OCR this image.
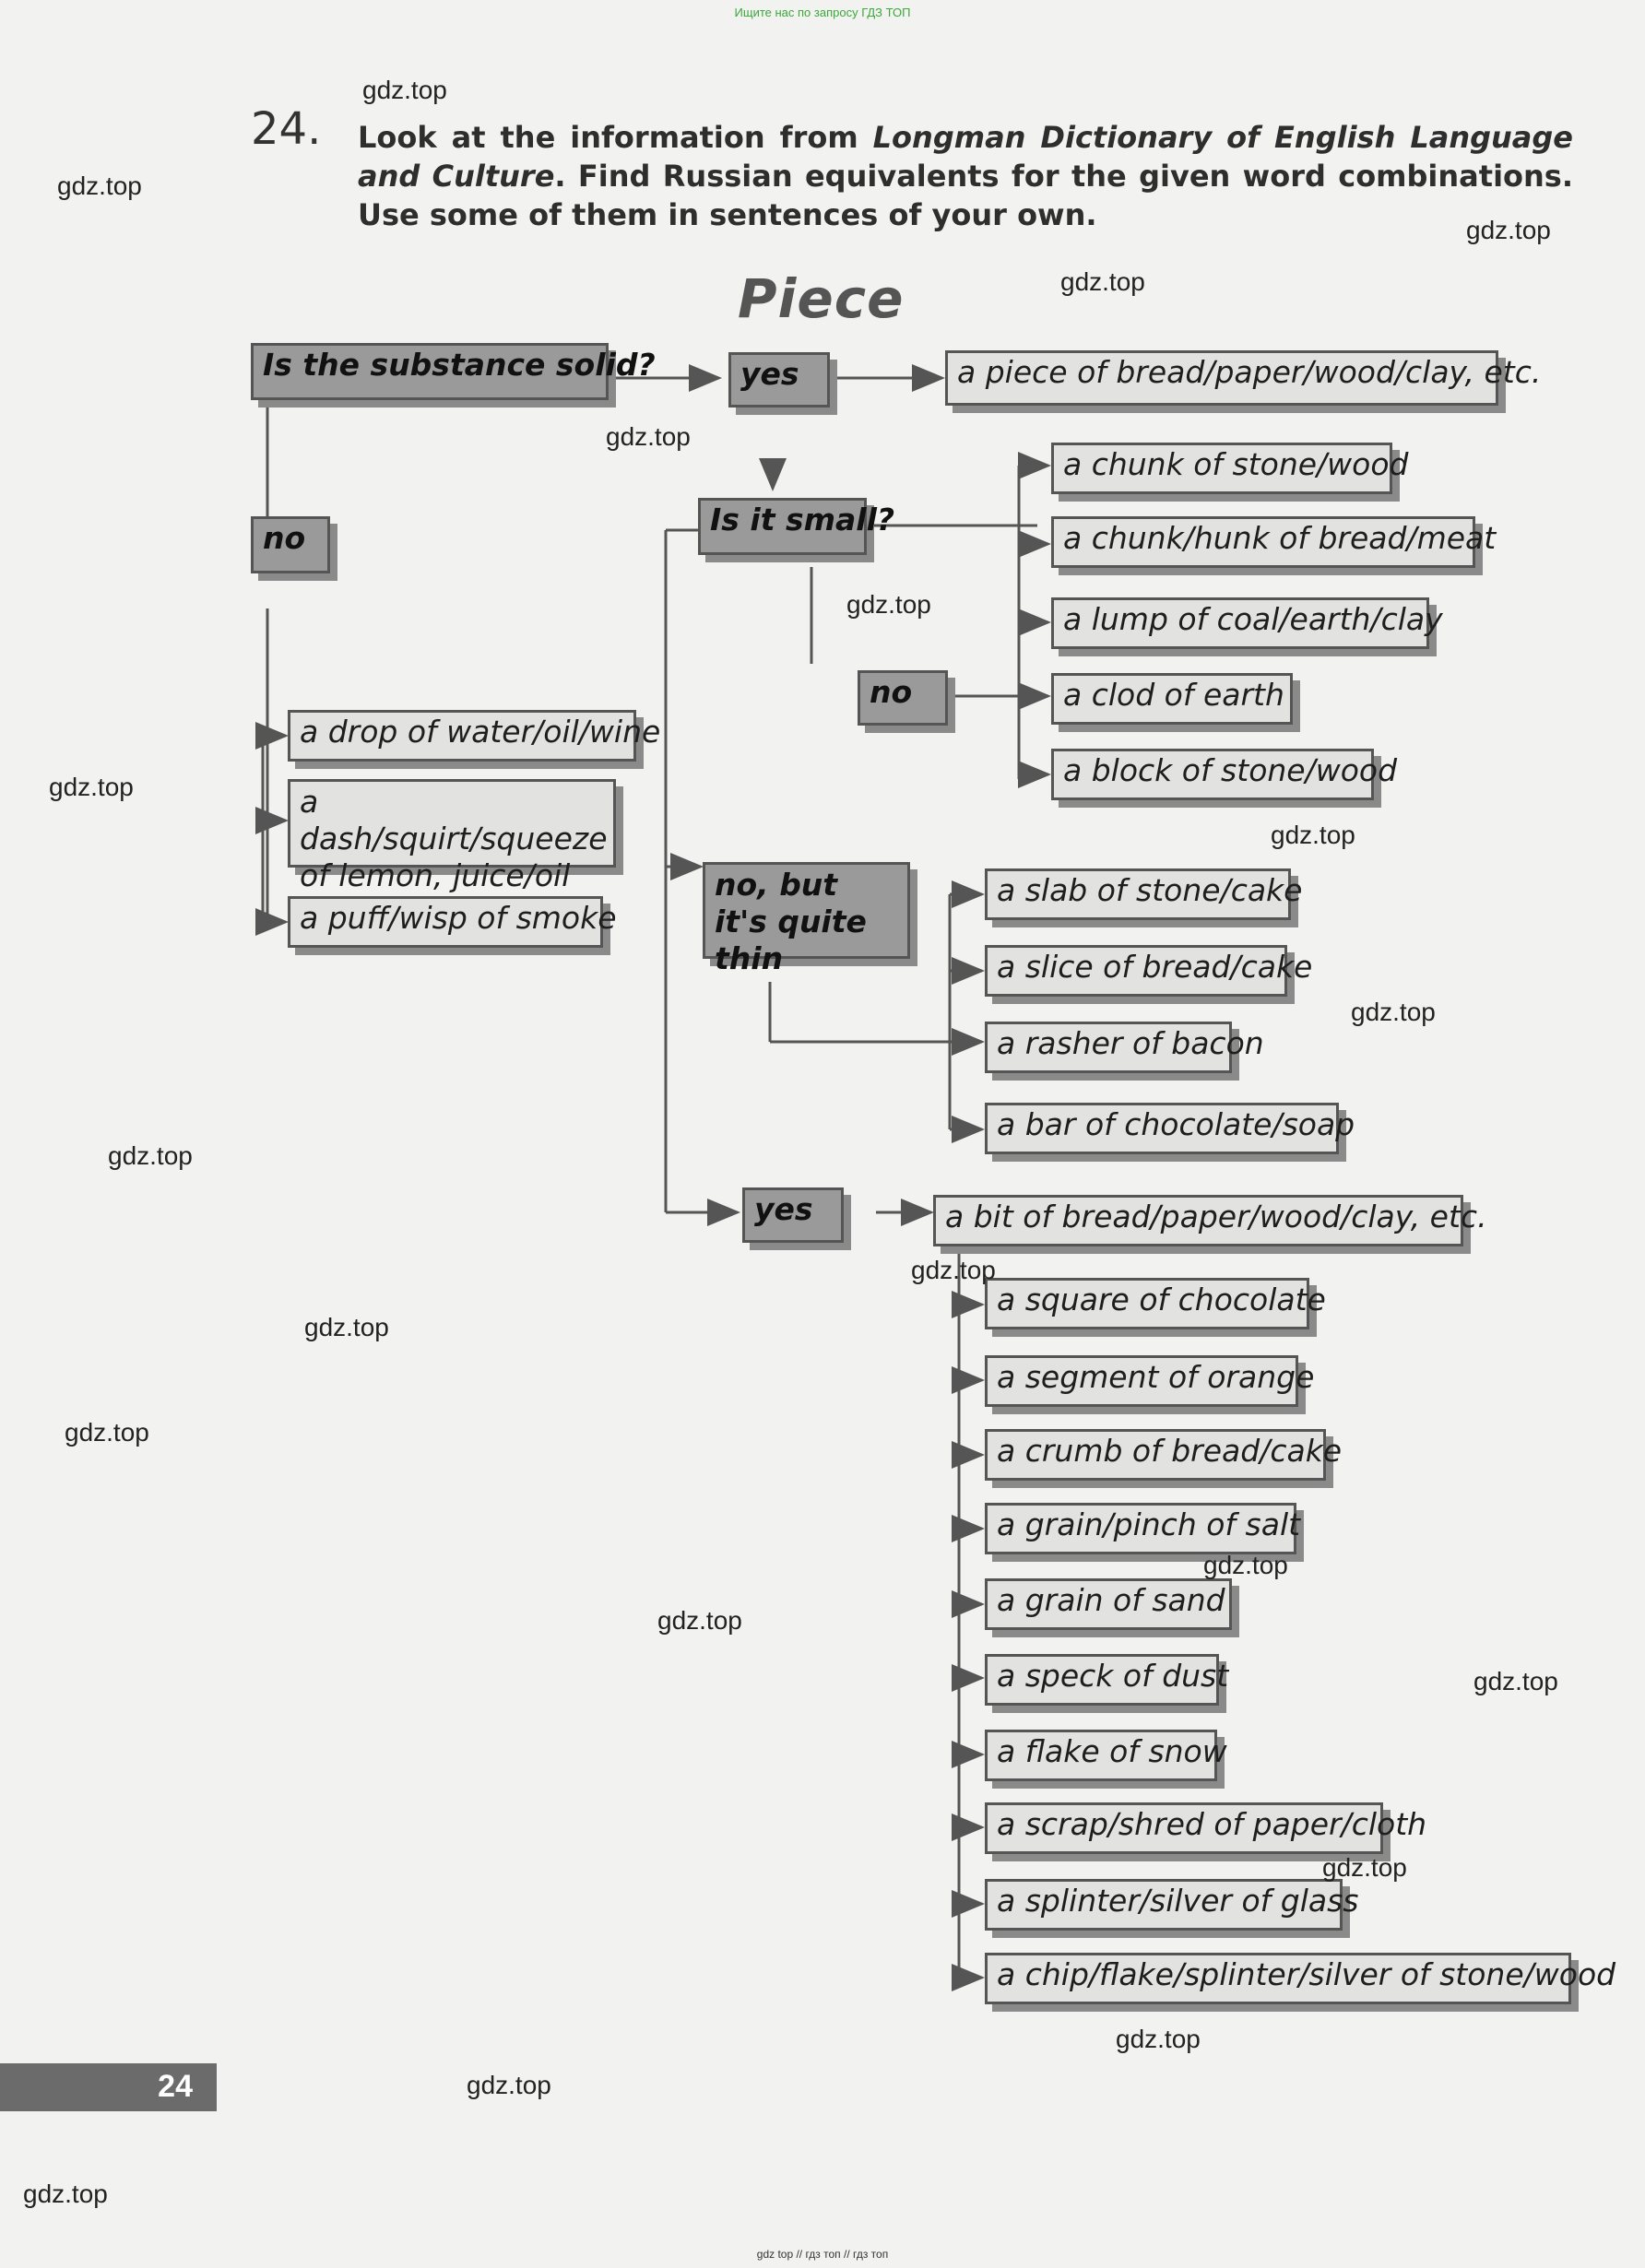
Ищите нас по запросу ГДЗ ТОП
24. Look at the information from Longman Dictionary of English Language and Culture. Find Russian equivalents for the given word combinations. Use some of them in sentences of your own.
Piece
Is the substance solid?	yes	a piece of bread/paper/wood/clay, etc.
no
a chunk of stone/wood
Is it small?
a chunk/hunk of bread/meat
a lump of coal/earth/clay
no	a clod of earth
a block of stone/wood
a drop of water/oil/wine
a dash/squirt/squeeze of lemon, juice/oil
a puff/wisp of smoke
no, but it's quite thin
a slab of stone/cake
a slice of bread/cake
a rasher of bacon
a bar of chocolate/soap
yes	a bit of bread/paper/wood/clay, etc.
a square of chocolate
a segment of orange
a crumb of bread/cake
a grain/pinch of salt
a grain of sand
a speck of dust
a flake of snow
a scrap/shred of paper/cloth
a splinter/silver of glass
a chip/flake/splinter/silver of stone/wood
24
gdz.top
gdz.top
gdz.top
gdz.top
gdz.top
gdz.top
gdz.top
gdz.top
gdz.top
gdz.top
gdz.top
gdz.top
gdz.top
gdz.top
gdz.top
gdz.top
gdz.top
gdz.top
gdz.top
gdz.top
gdz top // гдз топ // гдз топ
